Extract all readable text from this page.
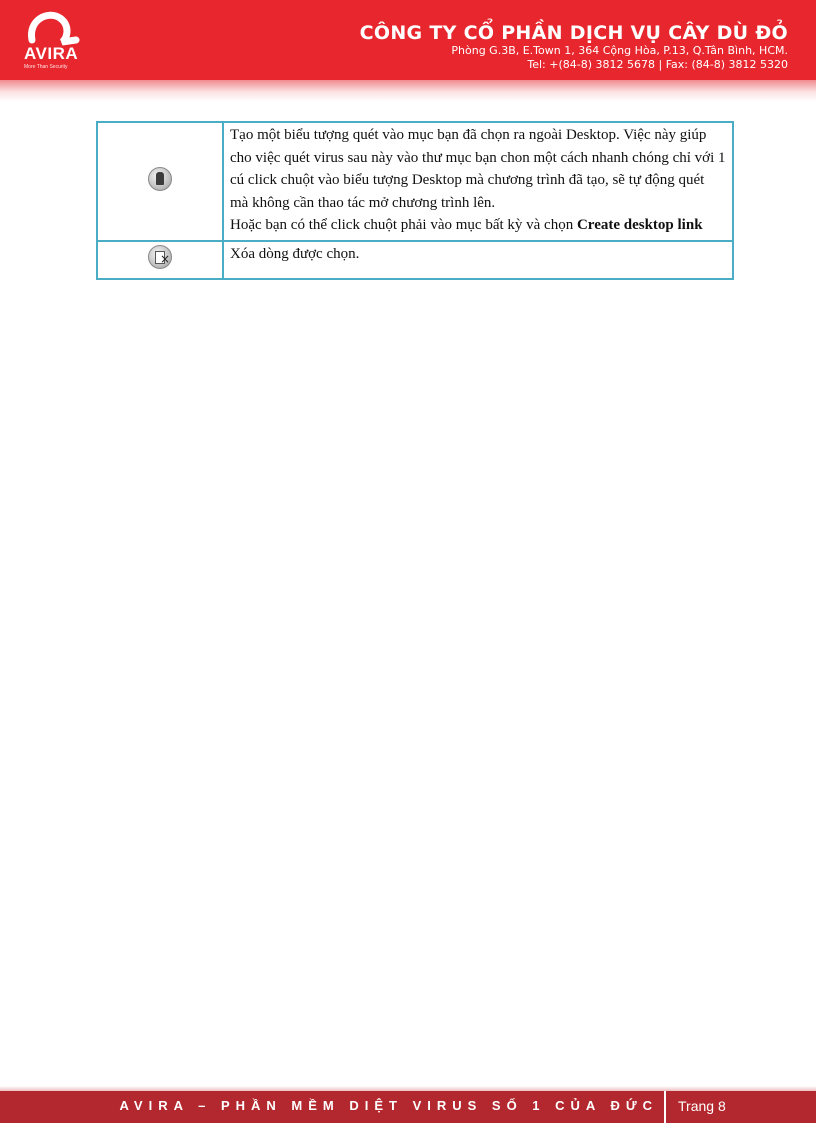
AVIRA
More Than Security
CÔNG TY CỔ PHẦN DỊCH VỤ CÂY DÙ ĐỎ
Phòng G.3B, E.Town 1, 364 Cộng Hòa, P.13, Q.Tân Bình, HCM.
Tel: +(84-8) 3812 5678 | Fax: (84-8) 3812 5320
	Tạo một biểu tượng quét vào mục bạn đã chọn ra ngoài Desktop. Việc này giúp cho việc quét virus sau này vào thư mục bạn chon một cách nhanh chóng chỉ với 1 cú click chuột vào biểu tượng Desktop mà chương trình đã tạo, sẽ tự động quét mà không cần thao tác mở chương trình lên.
Hoặc bạn có thể click chuột phải vào mục bất kỳ và chọn Create desktop link
×	Xóa dòng được chọn.
AVIRA – PHẦN MỀM DIỆT VIRUS SỐ 1 CỦA ĐỨC Trang 8
